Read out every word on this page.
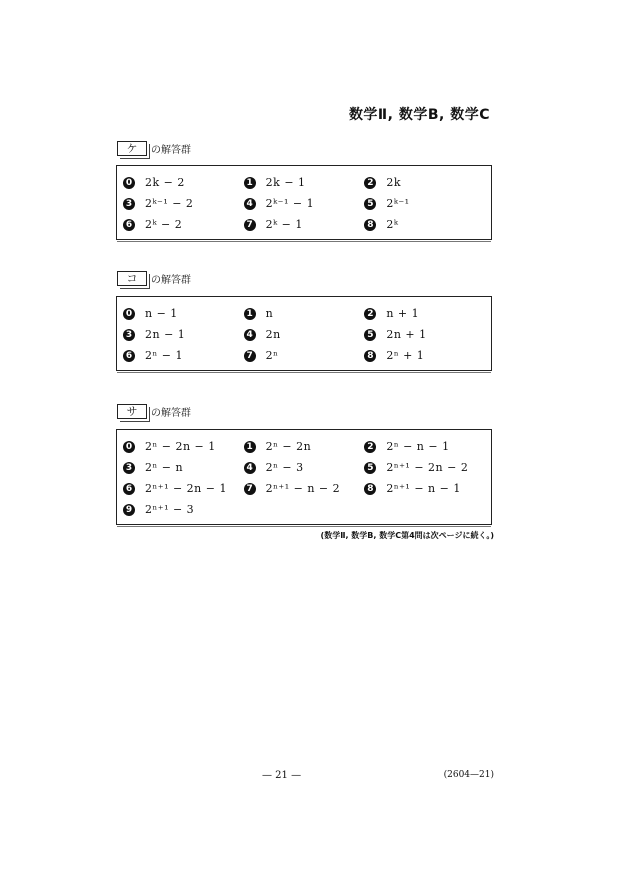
数学Ⅱ, 数学B, 数学C
ケ	の解答群
0 2k − 2	1 2k − 1	2 2k
3 2ᵏ⁻¹ − 2	4 2ᵏ⁻¹ − 1	5 2ᵏ⁻¹
6 2ᵏ − 2	7 2ᵏ − 1	8 2ᵏ
コ	の解答群
0 n − 1	1 n	2 n + 1
3 2n − 1	4 2n	5 2n + 1
6 2ⁿ − 1	7 2ⁿ	8 2ⁿ + 1
サ	の解答群
0 2ⁿ − 2n − 1	1 2ⁿ − 2n	2 2ⁿ − n − 1
3 2ⁿ − n	4 2ⁿ − 3	5 2ⁿ⁺¹ − 2n − 2
6 2ⁿ⁺¹ − 2n − 1	7 2ⁿ⁺¹ − n − 2	8 2ⁿ⁺¹ − n − 1
9 2ⁿ⁺¹ − 3
(数学Ⅱ, 数学B, 数学C第4問は次ページに続く。)
— 21 —	(2604—21)
